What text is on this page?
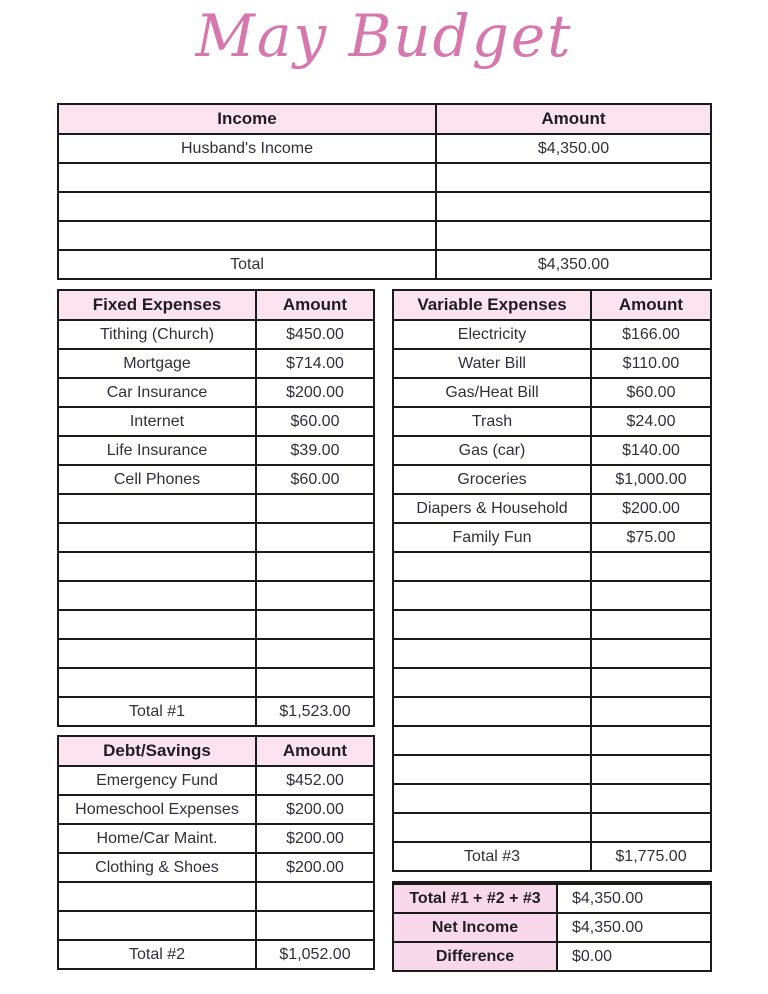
May Budget
Income	Amount
Husband's Income	$4,350.00
Total	$4,350.00
Fixed Expenses	Amount
Tithing (Church)	$450.00
Mortgage	$714.00
Car Insurance	$200.00
Internet	$60.00
Life Insurance	$39.00
Cell Phones	$60.00
Total #1	$1,523.00
Variable Expenses	Amount
Electricity	$166.00
Water Bill	$110.00
Gas/Heat Bill	$60.00
Trash	$24.00
Gas (car)	$140.00
Groceries	$1,000.00
Diapers & Household	$200.00
Family Fun	$75.00
Total #3	$1,775.00
Debt/Savings	Amount
Emergency Fund	$452.00
Homeschool Expenses	$200.00
Home/Car Maint.	$200.00
Clothing & Shoes	$200.00
Total #2	$1,052.00
Total #1 + #2 + #3	$4,350.00
Net Income	$4,350.00
Difference	$0.00
